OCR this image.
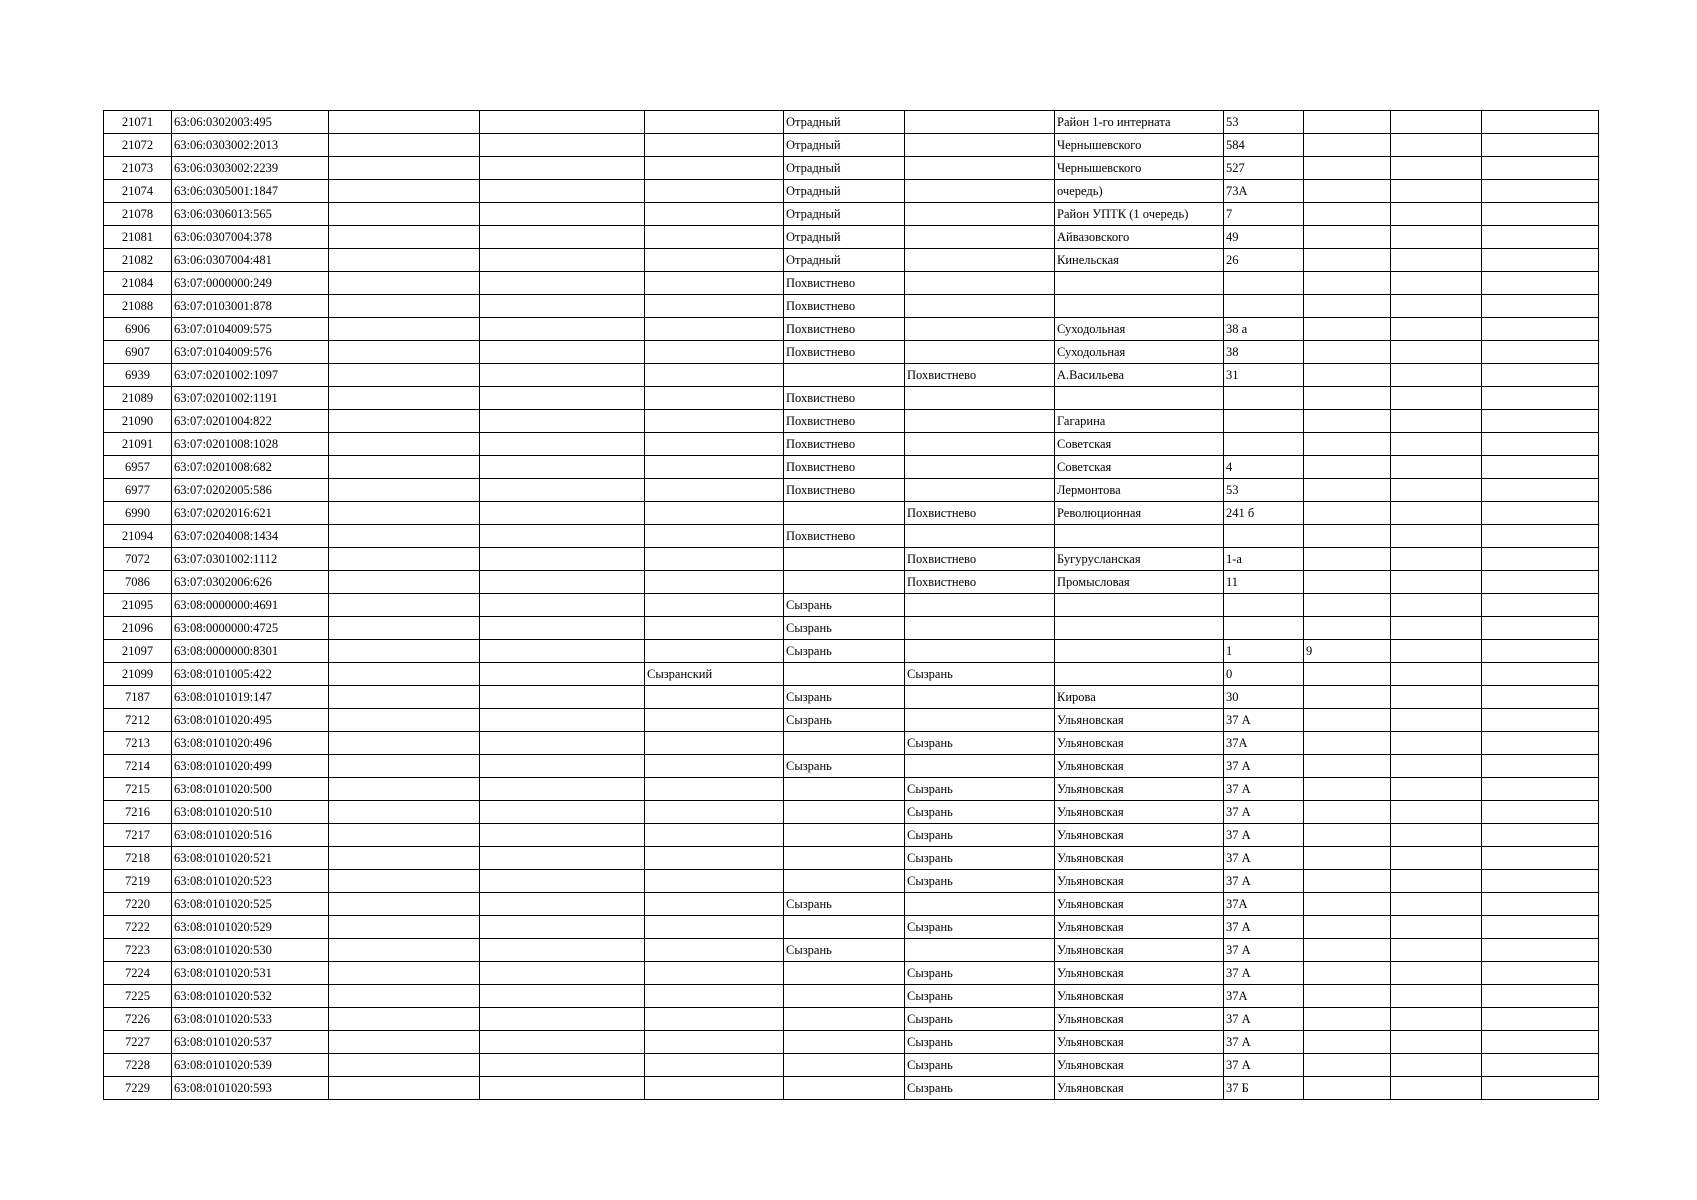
21071	63:06:0302003:495				Отрадный		Район 1-го интерната	53			
21072	63:06:0303002:2013				Отрадный		Чернышевского	584			
21073	63:06:0303002:2239				Отрадный		Чернышевского	527			
21074	63:06:0305001:1847				Отрадный		очередь)	73А			
21078	63:06:0306013:565				Отрадный		Район УПТК (1 очередь)	7			
21081	63:06:0307004:378				Отрадный		Айвазовского	49			
21082	63:06:0307004:481				Отрадный		Кинельская	26			
21084	63:07:0000000:249				Похвистнево						
21088	63:07:0103001:878				Похвистнево						
6906	63:07:0104009:575				Похвистнево		Суходольная	38 а			
6907	63:07:0104009:576				Похвистнево		Суходольная	38			
6939	63:07:0201002:1097					Похвистнево	А.Васильева	31			
21089	63:07:0201002:1191				Похвистнево						
21090	63:07:0201004:822				Похвистнево		Гагарина				
21091	63:07:0201008:1028				Похвистнево		Советская				
6957	63:07:0201008:682				Похвистнево		Советская	4			
6977	63:07:0202005:586				Похвистнево		Лермонтова	53			
6990	63:07:0202016:621					Похвистнево	Революционная	241 б			
21094	63:07:0204008:1434				Похвистнево						
7072	63:07:0301002:1112					Похвистнево	Бугурусланская	1-а			
7086	63:07:0302006:626					Похвистнево	Промысловая	11			
21095	63:08:0000000:4691				Сызрань						
21096	63:08:0000000:4725				Сызрань						
21097	63:08:0000000:8301				Сызрань			1	9		
21099	63:08:0101005:422			Сызранский		Сызрань		0			
7187	63:08:0101019:147				Сызрань		Кирова	30			
7212	63:08:0101020:495				Сызрань		Ульяновская	37 А			
7213	63:08:0101020:496					Сызрань	Ульяновская	37А			
7214	63:08:0101020:499				Сызрань		Ульяновская	37 А			
7215	63:08:0101020:500					Сызрань	Ульяновская	37 А			
7216	63:08:0101020:510					Сызрань	Ульяновская	37 А			
7217	63:08:0101020:516					Сызрань	Ульяновская	37 А			
7218	63:08:0101020:521					Сызрань	Ульяновская	37 А			
7219	63:08:0101020:523					Сызрань	Ульяновская	37 А			
7220	63:08:0101020:525				Сызрань		Ульяновская	37А			
7222	63:08:0101020:529					Сызрань	Ульяновская	37 А			
7223	63:08:0101020:530				Сызрань		Ульяновская	37 А			
7224	63:08:0101020:531					Сызрань	Ульяновская	37 А			
7225	63:08:0101020:532					Сызрань	Ульяновская	37А			
7226	63:08:0101020:533					Сызрань	Ульяновская	37 А			
7227	63:08:0101020:537					Сызрань	Ульяновская	37 А			
7228	63:08:0101020:539					Сызрань	Ульяновская	37 А			
7229	63:08:0101020:593					Сызрань	Ульяновская	37 Б			
